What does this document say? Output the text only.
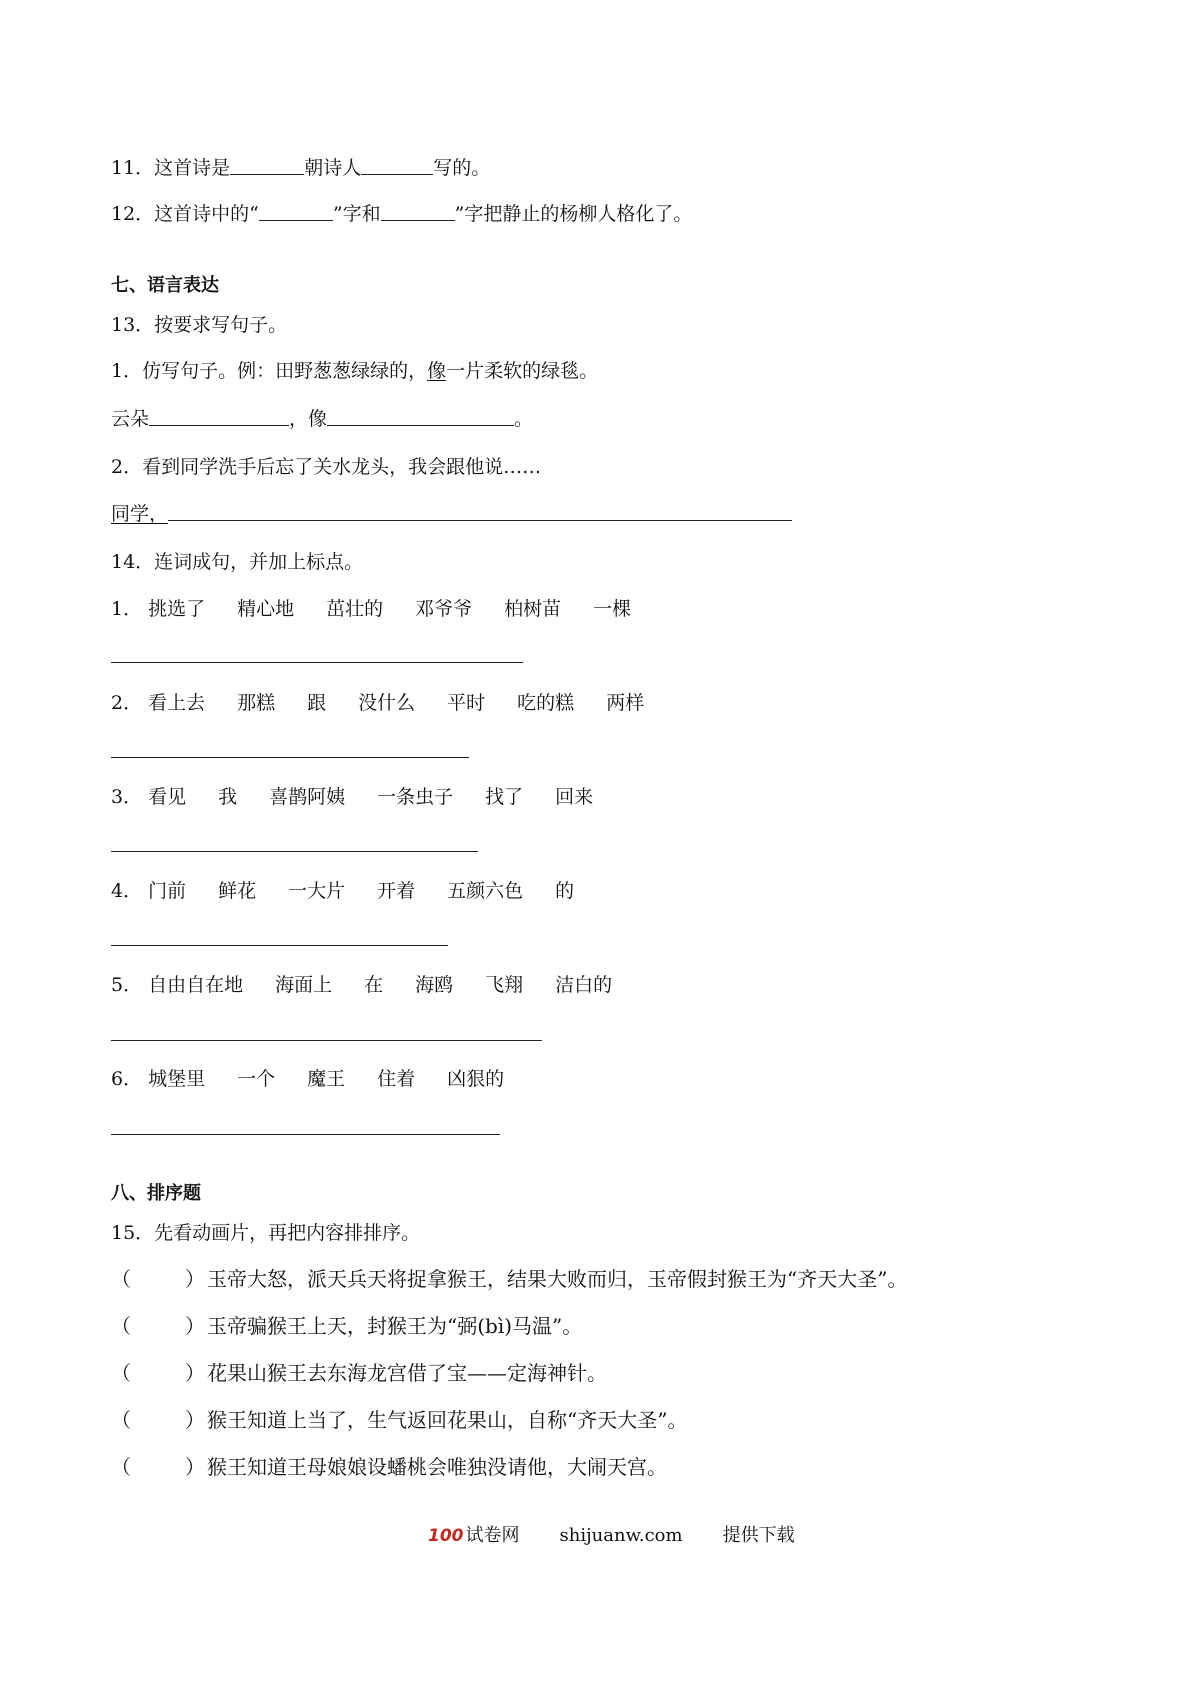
11．这首诗是	朝诗人	写的。
12．这首诗中的“	”字和	”字把静止的杨柳人格化了。
七、语言表达
13．按要求写句子。
1．仿写句子。例：田野葱葱绿绿的，像一片柔软的绿毯。
云朵	，像	。
2．看到同学洗手后忘了关水龙头，我会跟他说……
同学，
14．连词成句，并加上标点。
1． 挑选了 精心地 茁壮的 邓爷爷 柏树苗 一棵
2． 看上去 那糕 跟 没什么 平时 吃的糕 两样
3． 看见 我 喜鹊阿姨 一条虫子 找了 回来
4． 门前 鲜花 一大片 开着 五颜六色 的
5． 自由自在地 海面上 在 海鸥 飞翔 洁白的
6． 城堡里 一个 魔王 住着 凶狠的
八、排序题
15．先看动画片，再把内容排排序。
（	） 玉帝大怒，派天兵天将捉拿猴王，结果大败而归，玉帝假封猴王为“齐天大圣”。
（	） 玉帝骗猴王上天，封猴王为“弼(bì)马温”。
（	） 花果山猴王去东海龙宫借了宝——定海神针。
（	） 猴王知道上当了，生气返回花果山，自称“齐天大圣”。
（	） 猴王知道王母娘娘设蟠桃会唯独没请他，大闹天宫。
100 试卷网 shijuanw.com 提供下载
